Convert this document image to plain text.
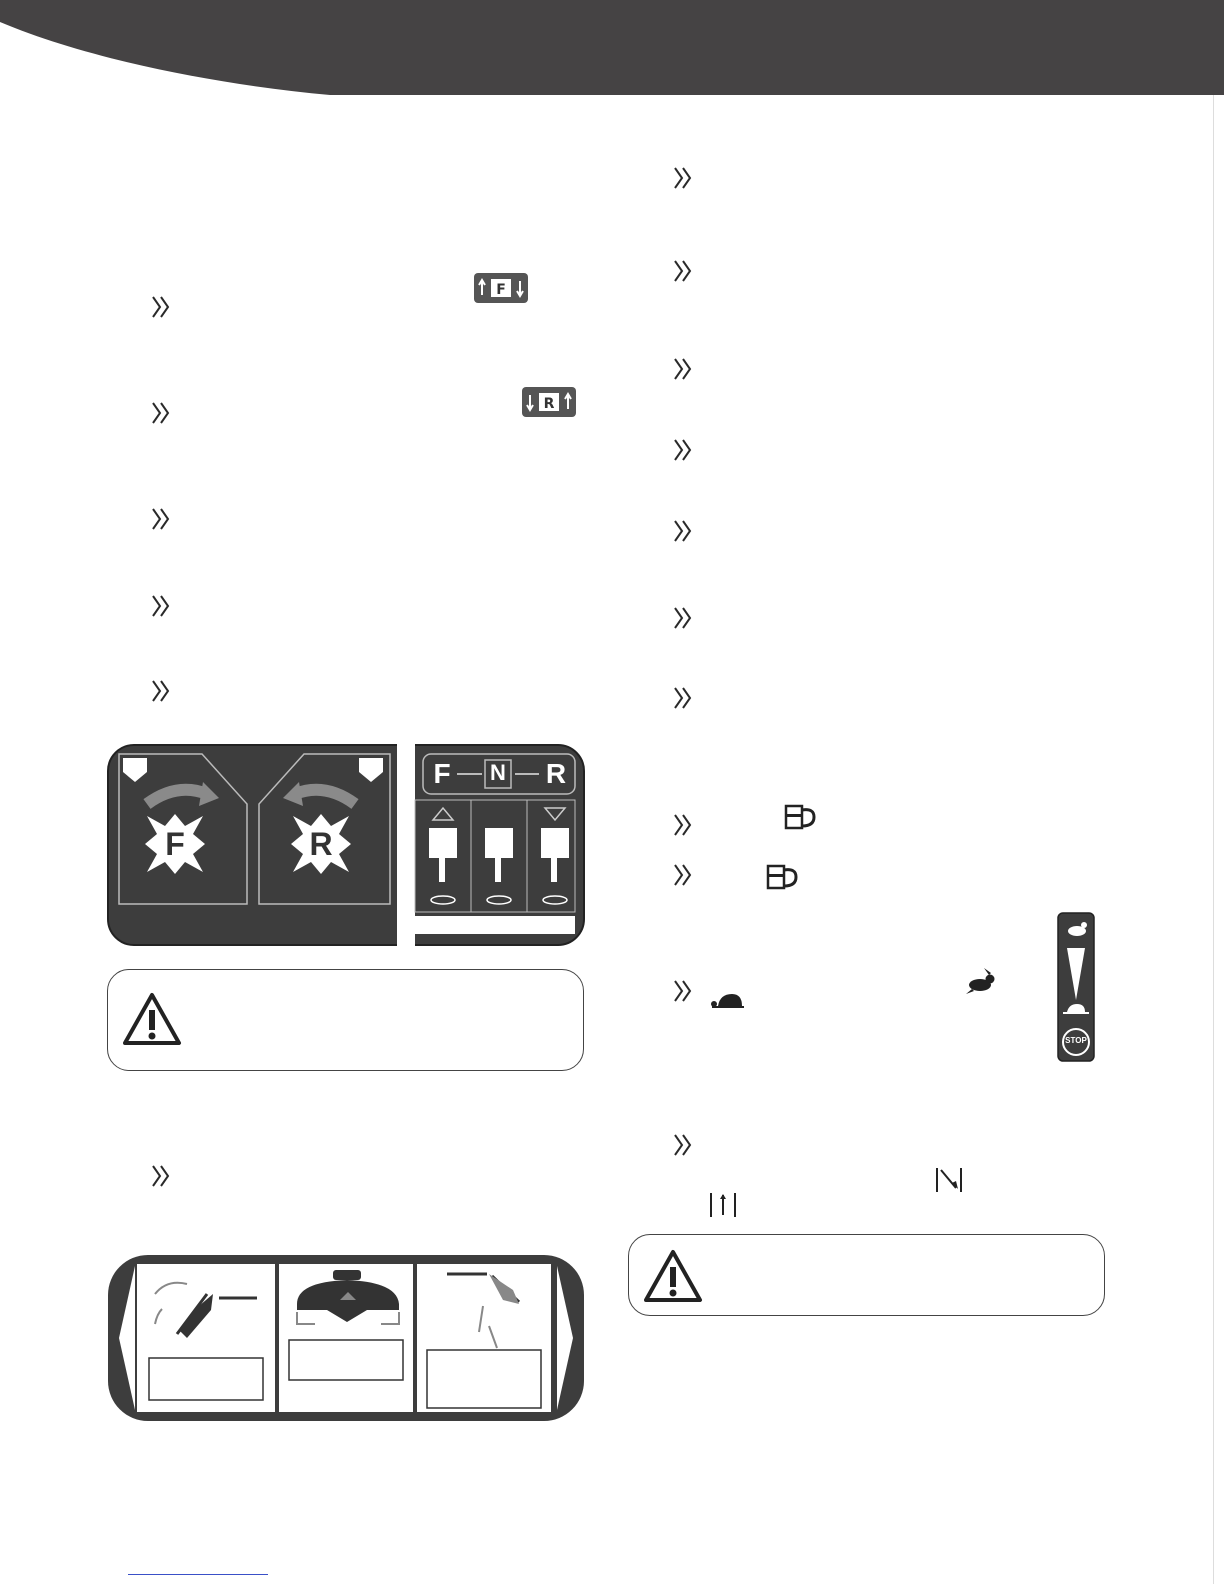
F
R
F	R
F N R
STOP
